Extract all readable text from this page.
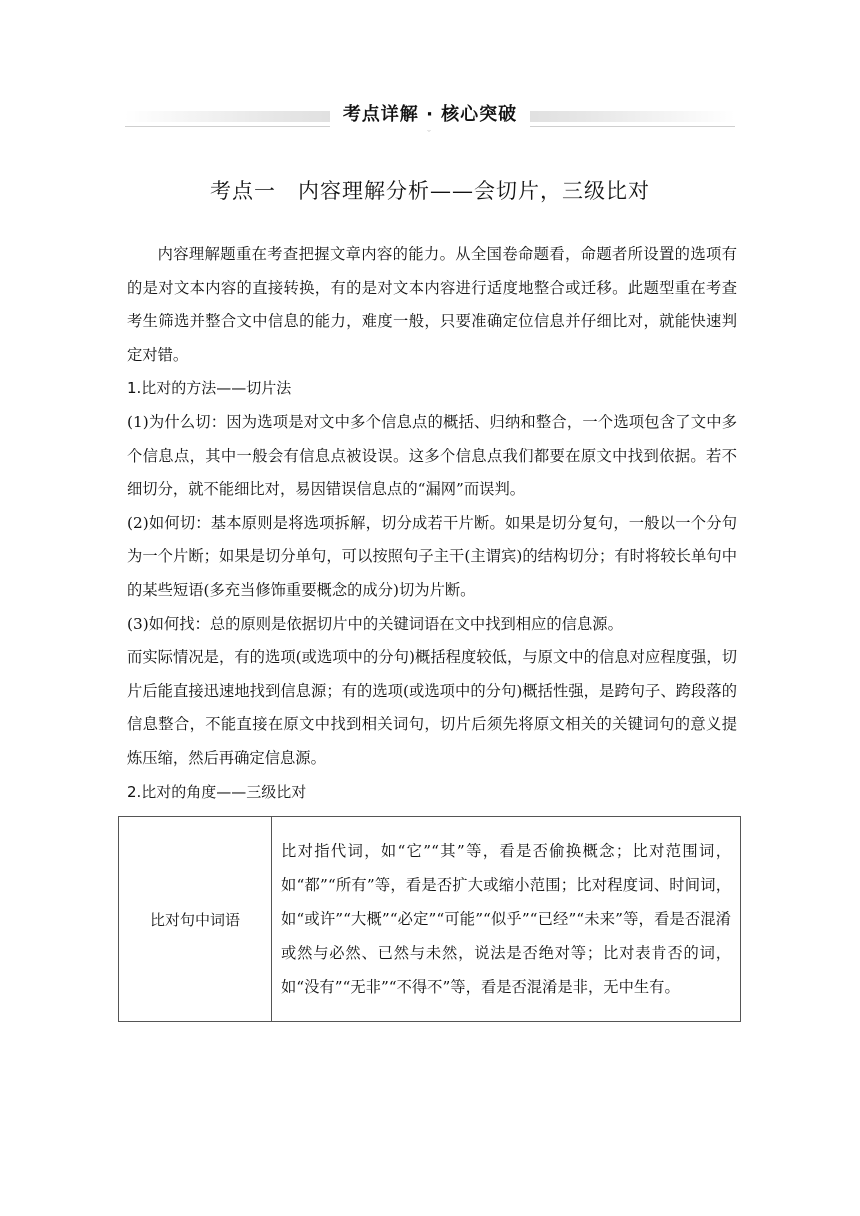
考点详解 · 核心突破
考点一　内容理解分析——会切片，三级比对

内容理解题重在考查把握文章内容的能力。从全国卷命题看，命题者所设置的选项有的是对文本内容的直接转换，有的是对文本内容进行适度地整合或迁移。此题型重在考查考生筛选并整合文中信息的能力，难度一般，只要准确定位信息并仔细比对，就能快速判定对错。

1.比对的方法——切片法

(1)为什么切：因为选项是对文中多个信息点的概括、归纳和整合，一个选项包含了文中多个信息点，其中一般会有信息点被设误。这多个信息点我们都要在原文中找到依据。若不细切分，就不能细比对，易因错误信息点的“漏网”而误判。

(2)如何切：基本原则是将选项拆解，切分成若干片断。如果是切分复句，一般以一个分句为一个片断；如果是切分单句，可以按照句子主干(主谓宾)的结构切分；有时将较长单句中的某些短语(多充当修饰重要概念的成分)切为片断。

(3)如何找：总的原则是依据切片中的关键词语在文中找到相应的信息源。

而实际情况是，有的选项(或选项中的分句)概括程度较低，与原文中的信息对应程度强，切片后能直接迅速地找到信息源；有的选项(或选项中的分句)概括性强，是跨句子、跨段落的信息整合，不能直接在原文中找到相关词句，切片后须先将原文相关的关键词句的意义提炼压缩，然后再确定信息源。

2.比对的角度——三级比对
比对句中词语	比对指代词，如“它”“其”等，看是否偷换概念；比对范围词，如“都”“所有”等，看是否扩大或缩小范围；比对程度词、时间词，如“或许”“大概”“必定”“可能”“似乎”“已经”“未来”等，看是否混淆或然与必然、已然与未然，说法是否绝对等；比对表肯否的词，如“没有”“无非”“不得不”等，看是否混淆是非，无中生有。
